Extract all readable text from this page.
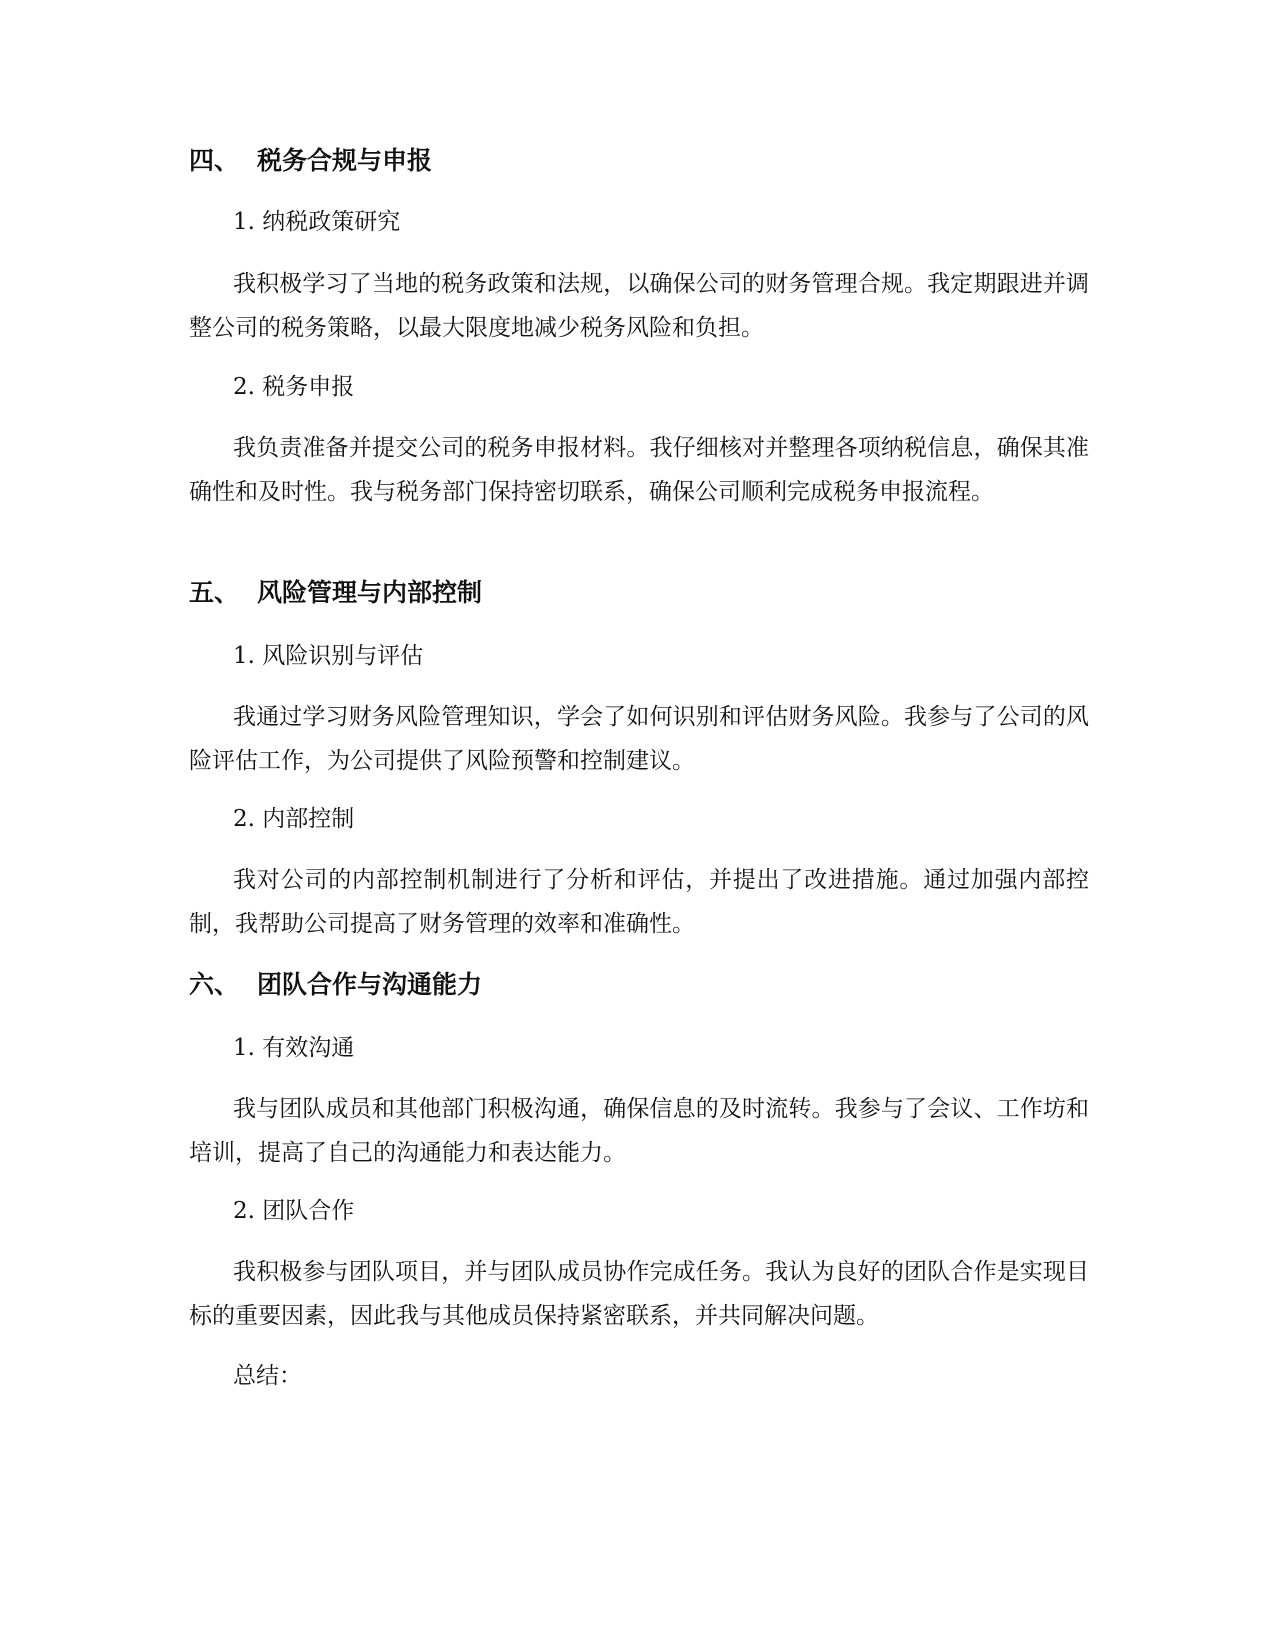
四、 税务合规与申报
1. 纳税政策研究

我积极学习了当地的税务政策和法规，以确保公司的财务管理合规。我定期跟进并调整公司的税务策略，以最大限度地减少税务风险和负担。

2. 税务申报

我负责准备并提交公司的税务申报材料。我仔细核对并整理各项纳税信息，确保其准确性和及时性。我与税务部门保持密切联系，确保公司顺利完成税务申报流程。

五、 风险管理与内部控制
1. 风险识别与评估

我通过学习财务风险管理知识，学会了如何识别和评估财务风险。我参与了公司的风险评估工作，为公司提供了风险预警和控制建议。

2. 内部控制

我对公司的内部控制机制进行了分析和评估，并提出了改进措施。通过加强内部控制，我帮助公司提高了财务管理的效率和准确性。

六、 团队合作与沟通能力
1. 有效沟通

我与团队成员和其他部门积极沟通，确保信息的及时流转。我参与了会议、工作坊和培训，提高了自己的沟通能力和表达能力。

2. 团队合作

我积极参与团队项目，并与团队成员协作完成任务。我认为良好的团队合作是实现目标的重要因素，因此我与其他成员保持紧密联系，并共同解决问题。

总结：
